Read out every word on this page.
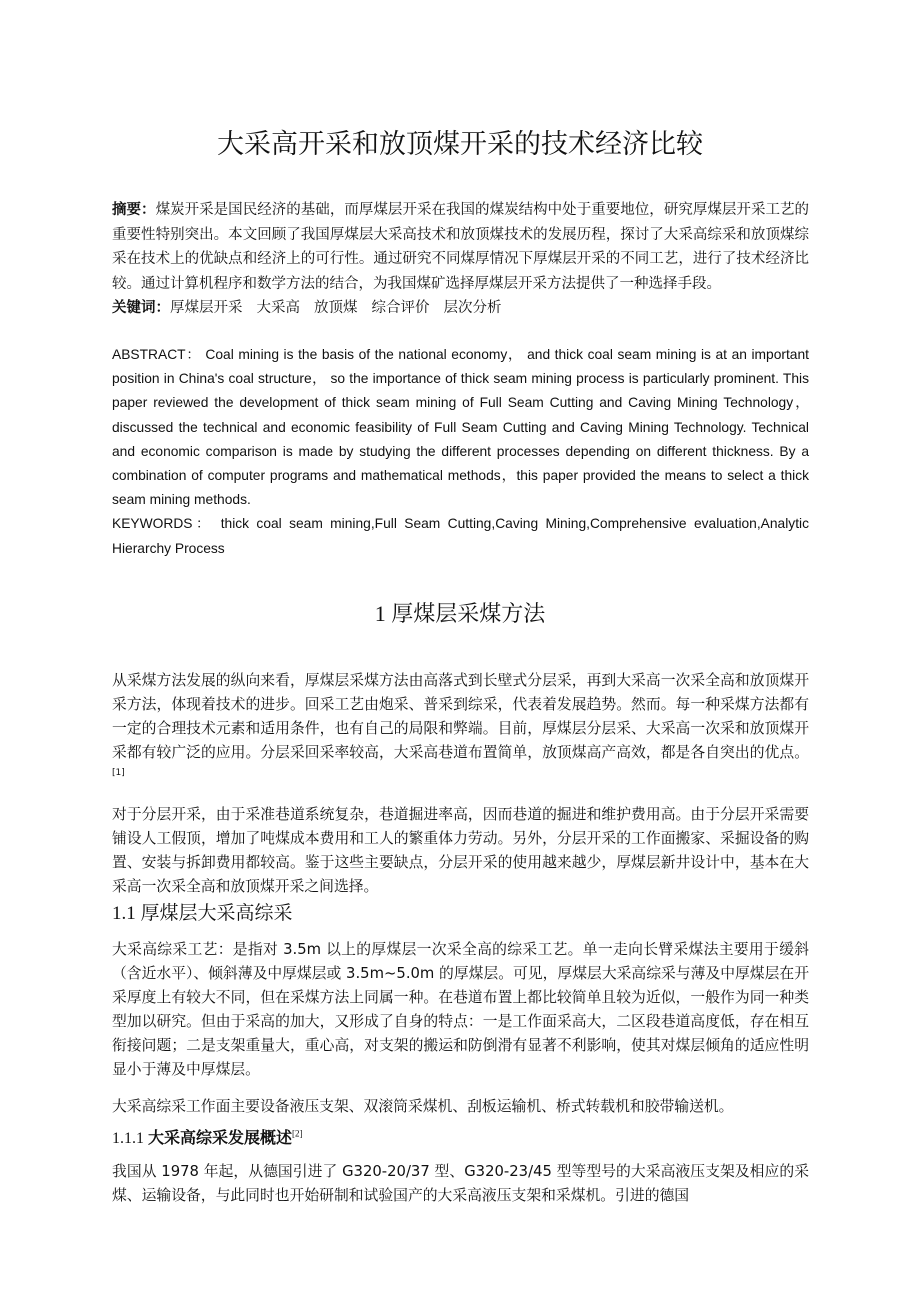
大采高开采和放顶煤开采的技术经济比较

摘要：煤炭开采是国民经济的基础，而厚煤层开采在我国的煤炭结构中处于重要地位，研究厚煤层开采工艺的重要性特别突出。本文回顾了我国厚煤层大采高技术和放顶煤技术的发展历程，探讨了大采高综采和放顶煤综采在技术上的优缺点和经济上的可行性。通过研究不同煤厚情况下厚煤层开采的不同工艺，进行了技术经济比较。通过计算机程序和数学方法的结合，为我国煤矿选择厚煤层开采方法提供了一种选择手段。

关键词：厚煤层开采 大采高 放顶煤 综合评价 层次分析

ABSTRACT： Coal mining is the basis of the national economy， and thick coal seam mining is at an important position in China's coal structure， so the importance of thick seam mining process is particularly prominent. This paper reviewed the development of thick seam mining of Full Seam Cutting and Caving Mining Technology，discussed the technical and economic feasibility of Full Seam Cutting and Caving Mining Technology. Technical and economic comparison is made by studying the different processes depending on different thickness. By a combination of computer programs and mathematical methods，this paper provided the means to select a thick seam mining methods.

KEYWORDS： thick coal seam mining,Full Seam Cutting,Caving Mining,Comprehensive evaluation,Analytic Hierarchy Process

1 厚煤层采煤方法

从采煤方法发展的纵向来看，厚煤层采煤方法由高落式到长壁式分层采，再到大采高一次采全高和放顶煤开采方法，体现着技术的进步。回采工艺由炮采、普采到综采，代表着发展趋势。然而。每一种采煤方法都有一定的合理技术元素和适用条件，也有自己的局限和弊端。目前，厚煤层分层采、大采高一次采和放顶煤开采都有较广泛的应用。分层采回采率较高，大采高巷道布置简单，放顶煤高产高效，都是各自突出的优点。[1]

对于分层开采，由于采准巷道系统复杂，巷道掘进率高，因而巷道的掘进和维护费用高。由于分层开采需要铺设人工假顶，增加了吨煤成本费用和工人的繁重体力劳动。另外，分层开采的工作面搬家、采掘设备的购置、安装与拆卸费用都较高。鉴于这些主要缺点，分层开采的使用越来越少，厚煤层新井设计中，基本在大采高一次采全高和放顶煤开采之间选择。

1.1 厚煤层大采高综采

大采高综采工艺：是指对 3.5m 以上的厚煤层一次采全高的综采工艺。单一走向长臂采煤法主要用于缓斜（含近水平）、倾斜薄及中厚煤层或 3.5m~5.0m 的厚煤层。可见，厚煤层大采高综采与薄及中厚煤层在开采厚度上有较大不同，但在采煤方法上同属一种。在巷道布置上都比较简单且较为近似，一般作为同一种类型加以研究。但由于采高的加大，又形成了自身的特点：一是工作面采高大，二区段巷道高度低，存在相互衔接问题；二是支架重量大，重心高，对支架的搬运和防倒滑有显著不利影响，使其对煤层倾角的适应性明显小于薄及中厚煤层。

大采高综采工作面主要设备液压支架、双滚筒采煤机、刮板运输机、桥式转载机和胶带输送机。

1.1.1 大采高综采发展概述[2]

我国从 1978 年起，从德国引进了 G320-20/37 型、G320-23/45 型等型号的大采高液压支架及相应的采煤、运输设备，与此同时也开始研制和试验国产的大采高液压支架和采煤机。引进的德国
